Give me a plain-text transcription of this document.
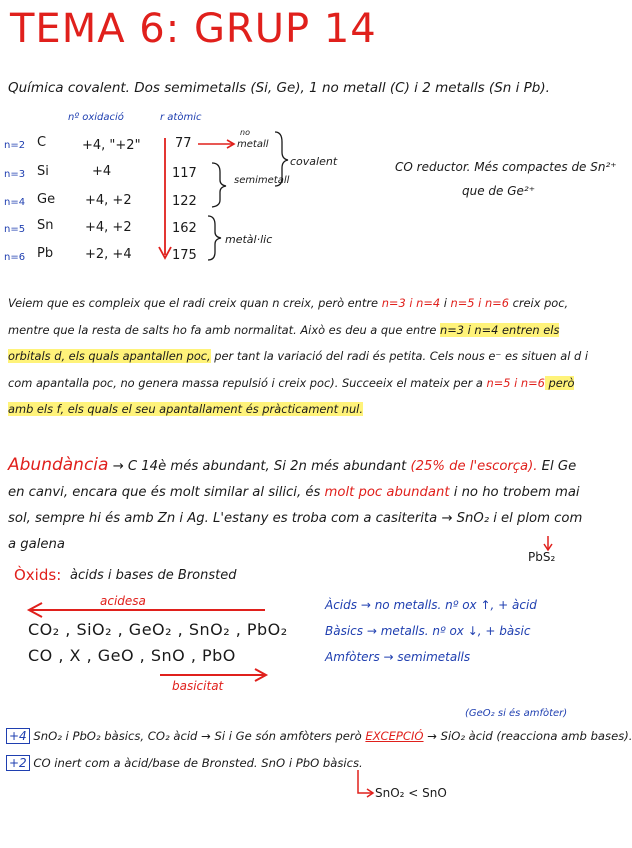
TEMA 6: GRUP 14
Química covalent. Dos semimetalls (Si, Ge), 1 no metall (C) i 2 metalls (Sn i Pb).
nº oxidació	r atòmic
n=2 C	+4, "+2"	77
n=3 Si	+4	117
n=4 Ge +4, +2	122
n=5 Sn +4, +2	162
n=6 Pb +2, +4	175
no
metall
semimetall
covalent
metàl·lic
CO reductor. Més compactes de Sn²⁺
que de Ge²⁺
Veiem que es compleix que el radi creix quan n creix, però entre n=3 i n=4 i n=5 i n=6 creix poc, mentre que la resta de salts ho fa amb normalitat. Això es deu a que entre n=3 i n=4 entren els orbitals d, els quals apantallen poc, per tant la variació del radi és petita. Cels nous e⁻ es situen al d i com apantalla poc, no genera massa repulsió i creix poc). Succeeix el mateix per a n=5 i n=6 però amb els f, els quals el seu apantallament és pràcticament nul.
Abundància → C 14è més abundant, Si 2n més abundant (25% de l'escorça). El Ge en canvi, encara que és molt similar al silici, és molt poc abundant i no ho trobem mai sol, sempre hi és amb Zn i Ag. L'estany es troba com a casiterita → SnO₂ i el plom com a galena
PbS₂
Òxids: àcids i bases de Bronsted
acidesa
CO₂ , SiO₂ , GeO₂ , SnO₂ , PbO₂
CO , X , GeO , SnO , PbO
basicitat
Àcids → no metalls. nº ox ↑, + àcid
Bàsics → metalls. nº ox ↓, + bàsic
Amfòters → semimetalls
(GeO₂ si és amfòter)
+4 SnO₂ i PbO₂ bàsics, CO₂ àcid → Si i Ge són amfòters però EXCEPCIÓ → SiO₂ àcid (reacciona amb bases).
+2 CO inert com a àcid/base de Bronsted. SnO i PbO bàsics.
SnO₂ < SnO
